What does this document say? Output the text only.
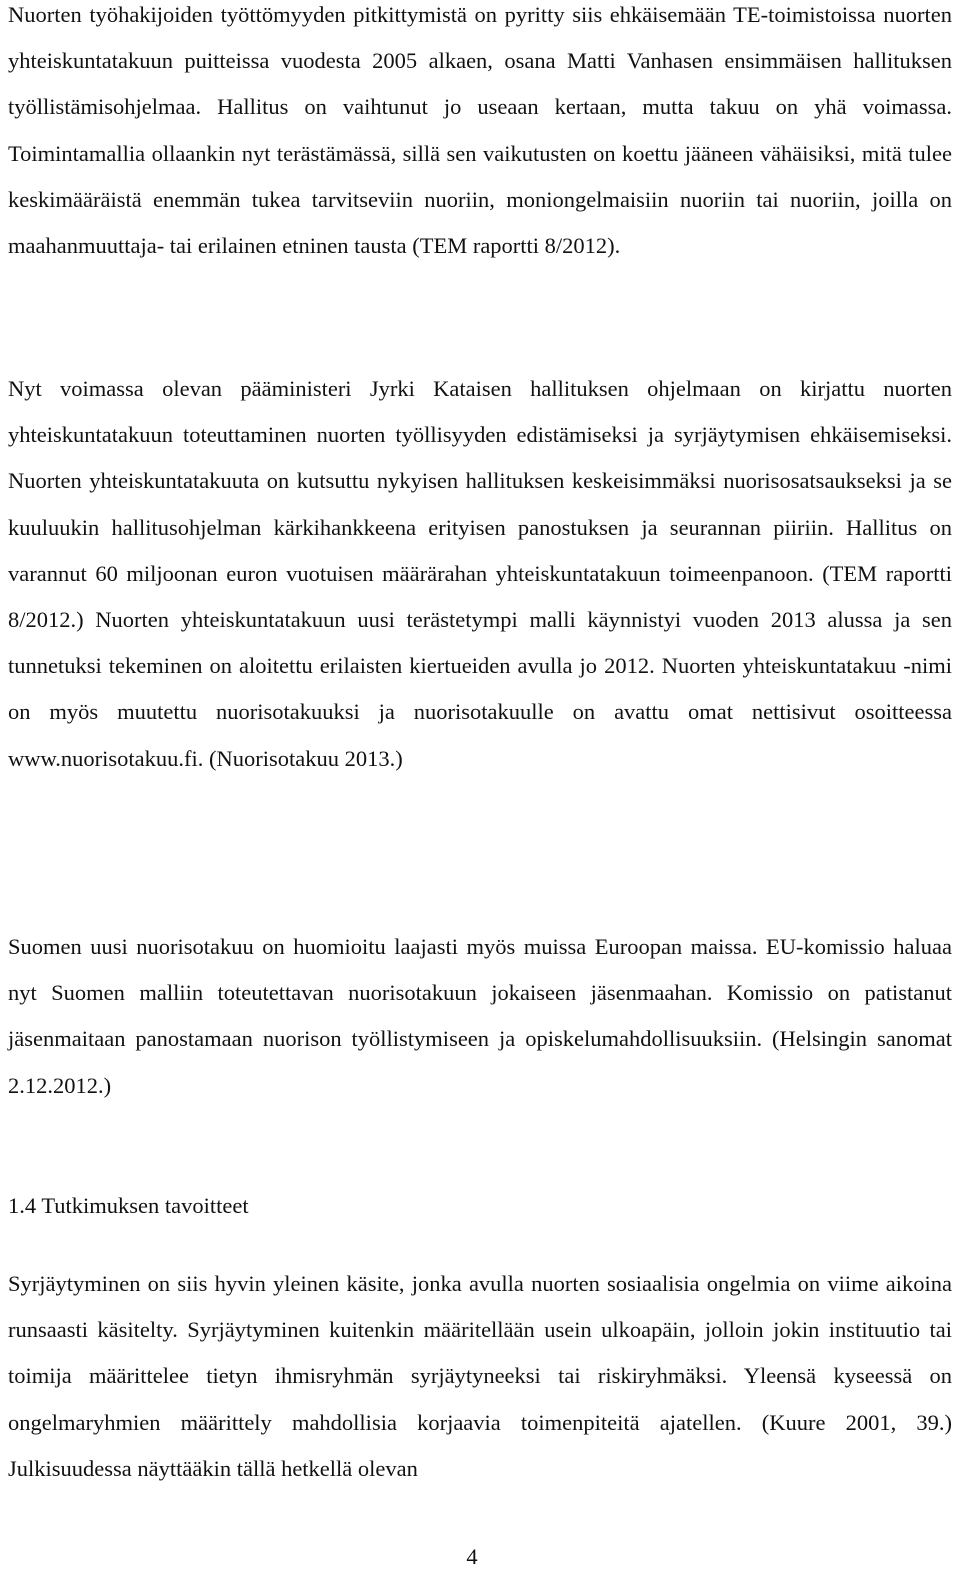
Nuorten työhakijoiden työttömyyden pitkittymistä on pyritty siis ehkäisemään TE-toimistoissa nuorten yhteiskuntatakuun puitteissa vuodesta 2005 alkaen, osana Matti Vanhasen ensimmäisen hallituksen työllistämisohjelmaa. Hallitus on vaihtunut jo useaan kertaan, mutta takuu on yhä voimassa. Toimintamallia ollaankin nyt terästämässä, sillä sen vaikutusten on koettu jääneen vähäisiksi, mitä tulee keskimääräistä enemmän tukea tarvitseviin nuoriin, moniongelmaisiin nuoriin tai nuoriin, joilla on maahanmuuttaja- tai erilainen etninen tausta (TEM raportti 8/2012).

Nyt voimassa olevan pääministeri Jyrki Kataisen hallituksen ohjelmaan on kirjattu nuorten yhteiskuntatakuun toteuttaminen nuorten työllisyyden edistämiseksi ja syrjäytymisen ehkäisemiseksi. Nuorten yhteiskuntatakuuta on kutsuttu nykyisen hallituksen keskeisimmäksi nuorisosatsaukseksi ja se kuuluukin hallitusohjelman kärkihankkeena erityisen panostuksen ja seurannan piiriin. Hallitus on varannut 60 miljoonan euron vuotuisen määrärahan yhteiskuntatakuun toimeenpanoon. (TEM raportti 8/2012.) Nuorten yhteiskuntatakuun uusi terästetympi malli käynnistyi vuoden 2013 alussa ja sen tunnetuksi tekeminen on aloitettu erilaisten kiertueiden avulla jo 2012. Nuorten yhteiskuntatakuu -nimi on myös muutettu nuorisotakuuksi ja nuorisotakuulle on avattu omat nettisivut osoitteessa www.nuorisotakuu.fi. (Nuorisotakuu 2013.)

Suomen uusi nuorisotakuu on huomioitu laajasti myös muissa Euroopan maissa. EU-komissio haluaa nyt Suomen malliin toteutettavan nuorisotakuun jokaiseen jäsenmaahan. Komissio on patistanut jäsenmaitaan panostamaan nuorison työllistymiseen ja opiskelumahdollisuuksiin. (Helsingin sanomat 2.12.2012.)

1.4 Tutkimuksen tavoitteet

Syrjäytyminen on siis hyvin yleinen käsite, jonka avulla nuorten sosiaalisia ongelmia on viime aikoina runsaasti käsitelty. Syrjäytyminen kuitenkin määritellään usein ulkoapäin, jolloin jokin instituutio tai toimija määrittelee tietyn ihmisryhmän syrjäytyneeksi tai riskiryhmäksi. Yleensä kyseessä on ongelmaryhmien määrittely mahdollisia korjaavia toimenpiteitä ajatellen. (Kuure 2001, 39.) Julkisuudessa näyttääkin tällä hetkellä olevan

4
